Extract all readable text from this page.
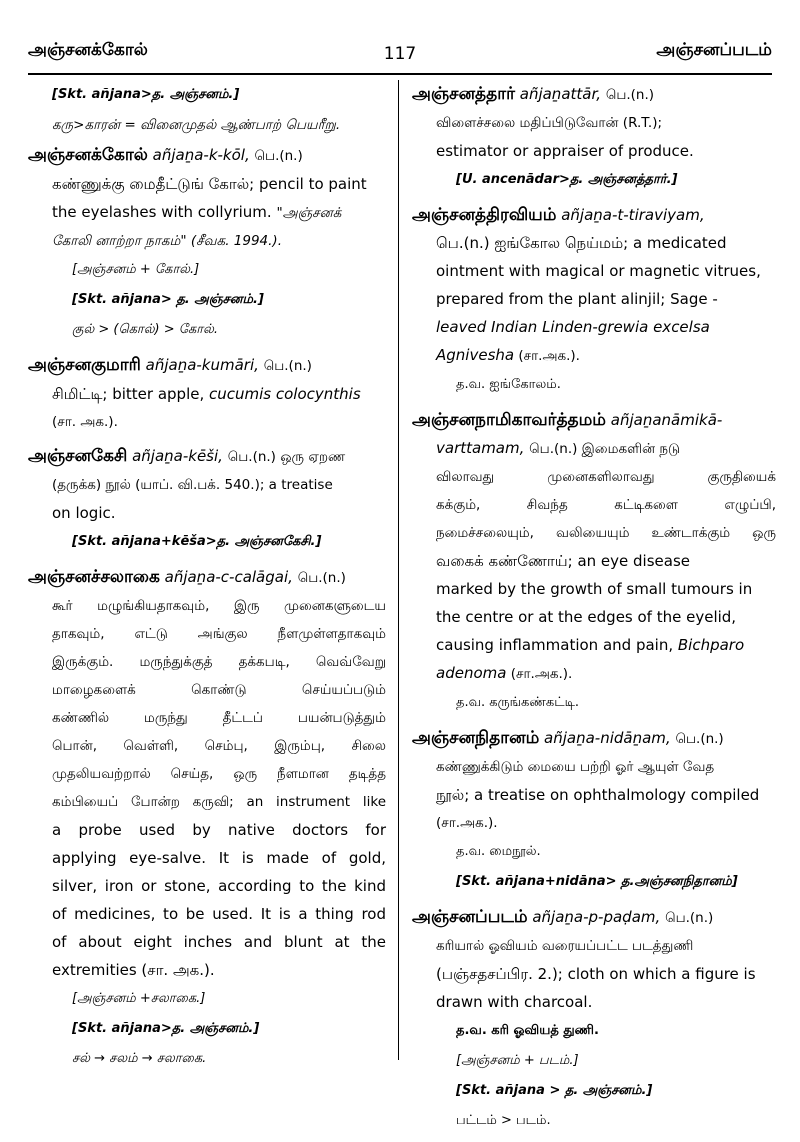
அஞ்சனக்கோல்	117	அஞ்சனப்படம்
[Skt. añjana>த. அஞ்சனம்.]
கரு>காரன் = வினைமுதல் ஆண்பாற் பெயரீறு.
அஞ்சனக்கோல் añjaṉa-k-kōl, பெ.(n.)
கண்ணுக்கு மைதீட்டுங் கோல்; pencil to paint
the eyelashes with collyrium. "அஞ்சனக்
கோலி னாற்றா நாகம்" (சீவக. 1994.).
[அஞ்சனம் + கோல்.]
[Skt. añjana> த. அஞ்சனம்.]
குல் > (கொல்) > கோல்.
அஞ்சனகுமாரி añjaṉa-kumāri, பெ.(n.)
சிமிட்டி; bitter apple, cucumis colocynthis
(சா. அக.).
அஞ்சனகேசி añjaṉa-kēši, பெ.(n.) ஒரு ஏறண
(தருக்க) நூல் (யாப். வி.பக். 540.); a treatise
on logic.
[Skt. añjana+kēša>த. அஞ்சனகேசி.]
அஞ்சனச்சலாகை añjaṉa-c-calāgai, பெ.(n.)
கூர் மழுங்கியதாகவும், இரு முனைகளுடைய
தாகவும், எட்டு அங்குல நீளமுள்ளதாகவும்
இருக்கும். மருந்துக்குத் தக்கபடி, வெவ்வேறு
மாழைகளைக் கொண்டு செய்யப்படும்
கண்ணில் மருந்து தீட்டப் பயன்படுத்தும்
பொன், வெள்ளி, செம்பு, இரும்பு, சிலை
முதலியவற்றால் செய்த, ஒரு நீளமான தடித்த
கம்பியைப் போன்ற கருவி; an instrument like
a probe used by native doctors for
applying eye-salve. It is made of gold,
silver, iron or stone, according to the kind
of medicines, to be used. It is a thing rod
of about eight inches and blunt at the
extremities (சா. அக.).
[அஞ்சனம் +சலாகை.]
[Skt. añjana>த. அஞ்சனம்.]
சல் → சலம் → சலாகை.
அஞ்சனத்தார் añjaṉattār, பெ.(n.)
விளைச்சலை மதிப்பிடுவோன் (R.T.);
estimator or appraiser of produce.
[U. ancenādar>த. அஞ்சனத்தார்.]
அஞ்சனத்திரவியம் añjaṉa-t-tiraviyam,
பெ.(n.) ஐங்கோல நெய்மம்; a medicated
ointment with magical or magnetic vitrues,
prepared from the plant alinjil; Sage -
leaved Indian Linden-grewia excelsa
Agnivesha (சா.அக.).
த.வ. ஐங்கோலம்.
அஞ்சனநாமிகாவர்த்தமம் añjaṉanāmikā-
varttamam, பெ.(n.) இமைகளின் நடு
விலாவது முனைகளிலாவது குருதியைக்
கக்கும், சிவந்த கட்டிகளை எழுப்பி,
நமைச்சலையும், வலியையும் உண்டாக்கும் ஒரு
வகைக் கண்ணோய்; an eye disease
marked by the growth of small tumours in
the centre or at the edges of the eyelid,
causing inflammation and pain, Bichparo
adenoma (சா.அக.).
த.வ. கருங்கண்கட்டி.
அஞ்சனநிதானம் añjaṉa-nidāṉam, பெ.(n.)
கண்ணுக்கிடும் மையை பற்றி ஓர் ஆயுள் வேத
நூல்; a treatise on ophthalmology compiled
(சா.அக.).
த.வ. மைநூல்.
[Skt. añjana+nidāna> த.அஞ்சனநிதானம்]
அஞ்சனப்படம் añjaṉa-p-paḍam, பெ.(n.)
கரியால் ஓவியம் வரையப்பட்ட படத்துணி
(பஞ்சதசப்பிர. 2.); cloth on which a figure is
drawn with charcoal.
த.வ. கரி ஓவியத் துணி.
[அஞ்சனம் + படம்.]
[Skt. añjana > த. அஞ்சனம்.]
பட்டம் > படம்.
